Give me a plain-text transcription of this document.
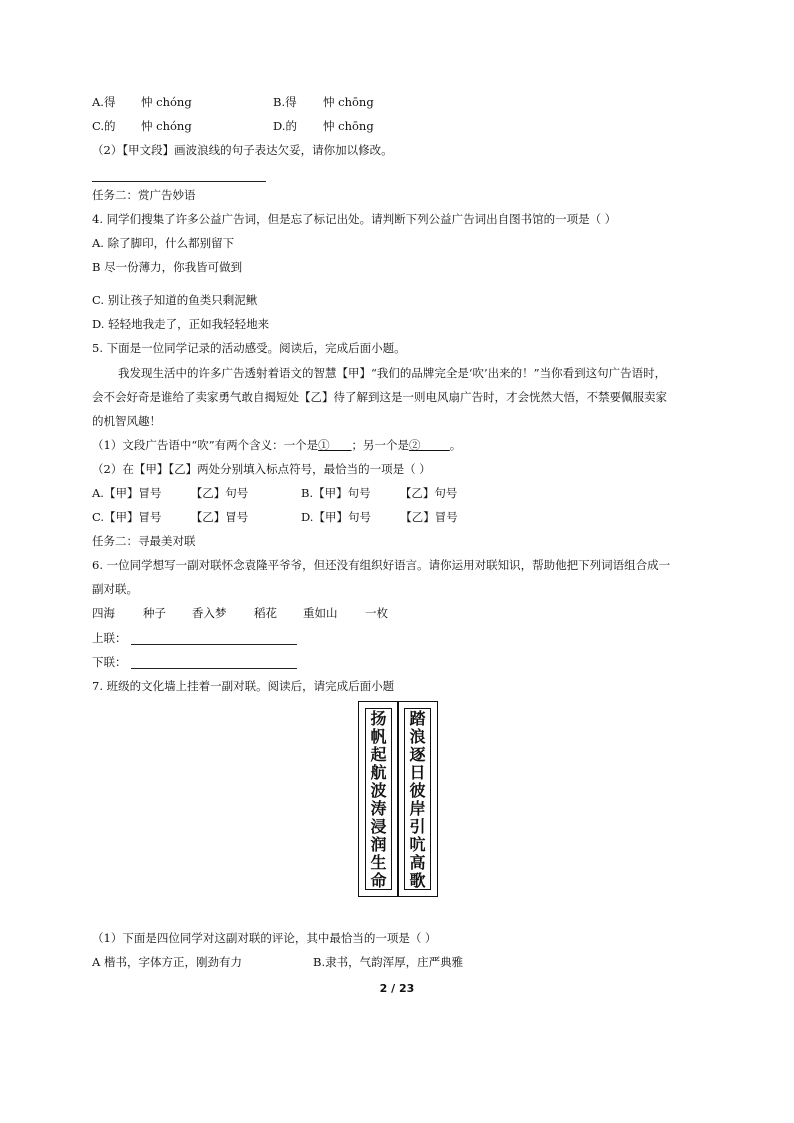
A.得 忡 chóng	B.得 忡 chōng
C.的 忡 chóng	D.的 忡 chōng
（2）【甲文段】画波浪线的句子表达欠妥，请你加以修改。
任务二：赏广告妙语
4. 同学们搜集了许多公益广告词，但是忘了标记出处。请判断下列公益广告词出自图书馆的一项是（ ）
A. 除了脚印，什么都别留下
B 尽一份薄力，你我皆可做到
C. 别让孩子知道的鱼类只剩泥鳅
D. 轻轻地我走了，正如我轻轻地来
5. 下面是一位同学记录的活动感受。阅读后，完成后面小题。
我发现生活中的许多广告透射着语文的智慧【甲】“我们的品牌完全是‘吹’出来的！”当你看到这句广告语时，
会不会好奇是谁给了卖家勇气敢自揭短处【乙】待了解到这是一则电风扇广告时，才会恍然大悟，不禁要佩服卖家
的机智风趣！
（1）文段广告语中“吹”有两个含义：一个是①      ；另一个是②        。
（2）在【甲】【乙】两处分别填入标点符号，最恰当的一项是（ ）
A.【甲】冒号        【乙】句号	B.【甲】句号        【乙】句号
C.【甲】冒号        【乙】冒号	D.【甲】句号        【乙】冒号
任务二：寻最美对联
6. 一位同学想写一副对联怀念袁隆平爷爷，但还没有组织好语言。请你运用对联知识，帮助他把下列词语组合成一
副对联。
四海 种子 香入梦 稻花 重如山 一枚
上联：
下联：
7. 班级的文化墙上挂着一副对联。阅读后，请完成后面小题
扬
帆
起
航
波
涛
浸
润
生
命
踏
浪
逐
日
彼
岸
引
吭
高
歌
（1）下面是四位同学对这副对联的评论，其中最恰当的一项是（ ）
A 楷书，字体方正，刚劲有力	B.隶书，气韵浑厚，庄严典雅
2 / 23
